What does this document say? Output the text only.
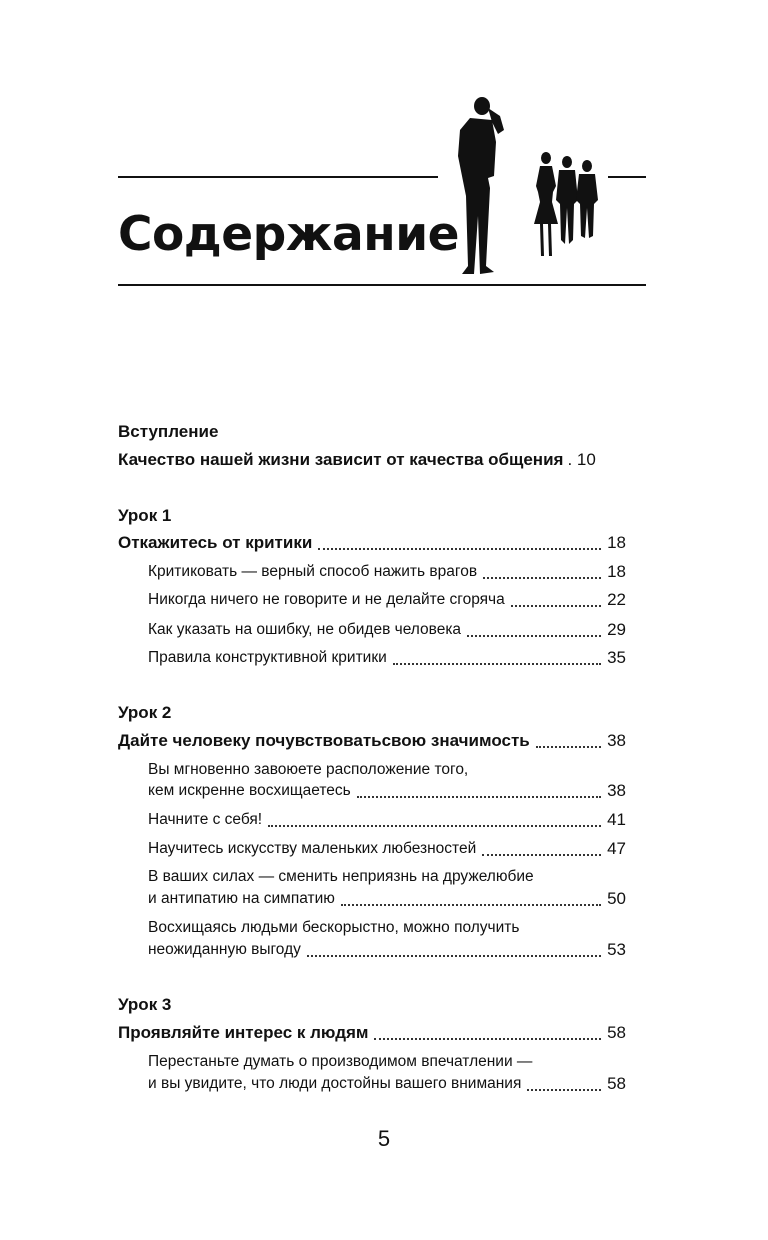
Содержание
Вступление
Качество нашей жизни зависит от качества общения . 10
Урок 1
Откажитесь от критики	18
Критиковать — верный способ нажить врагов	18
Никогда ничего не говорите и не делайте сгоряча	22
Как указать на ошибку, не обидев человека	29
Правила конструктивной критики	35
Урок 2
Дайте человеку почувствоватьсвою значимость	38
Вы мгновенно завоюете расположение того,
кем искренне восхищаетесь	38
Начните с себя!	41
Научитесь искусству маленьких любезностей	47
В ваших силах — сменить неприязнь на дружелюбие
и антипатию на симпатию	50
Восхищаясь людьми бескорыстно, можно получить
неожиданную выгоду	53
Урок 3
Проявляйте интерес к людям	58
Перестаньте думать о производимом впечатлении —
и вы увидите, что люди достойны вашего внимания	58
5
